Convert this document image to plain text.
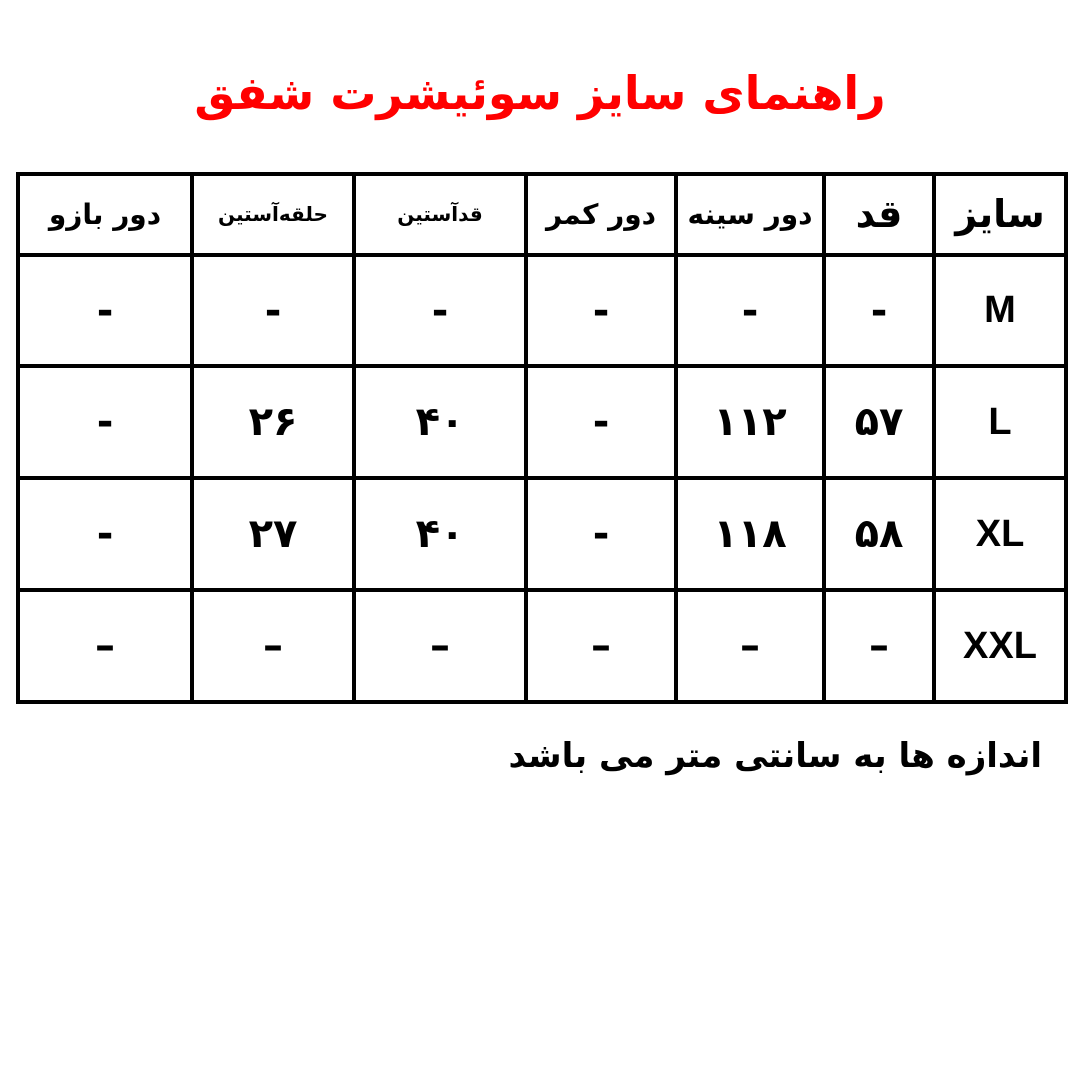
راهنمای سایز سوئیشرت شفق
سایز	قد	دور سینه	دور کمر	قدآستین	حلقه‌آستین	دور بازو
M	-	-	-	-	-	-
L	۵۷	۱۱۲	-	۴۰	۲۶	-
XL	۵۸	۱۱۸	-	۴۰	۲۷	-
XXL	–	–	–	–	–	–
اندازه ها به سانتی متر می باشد
